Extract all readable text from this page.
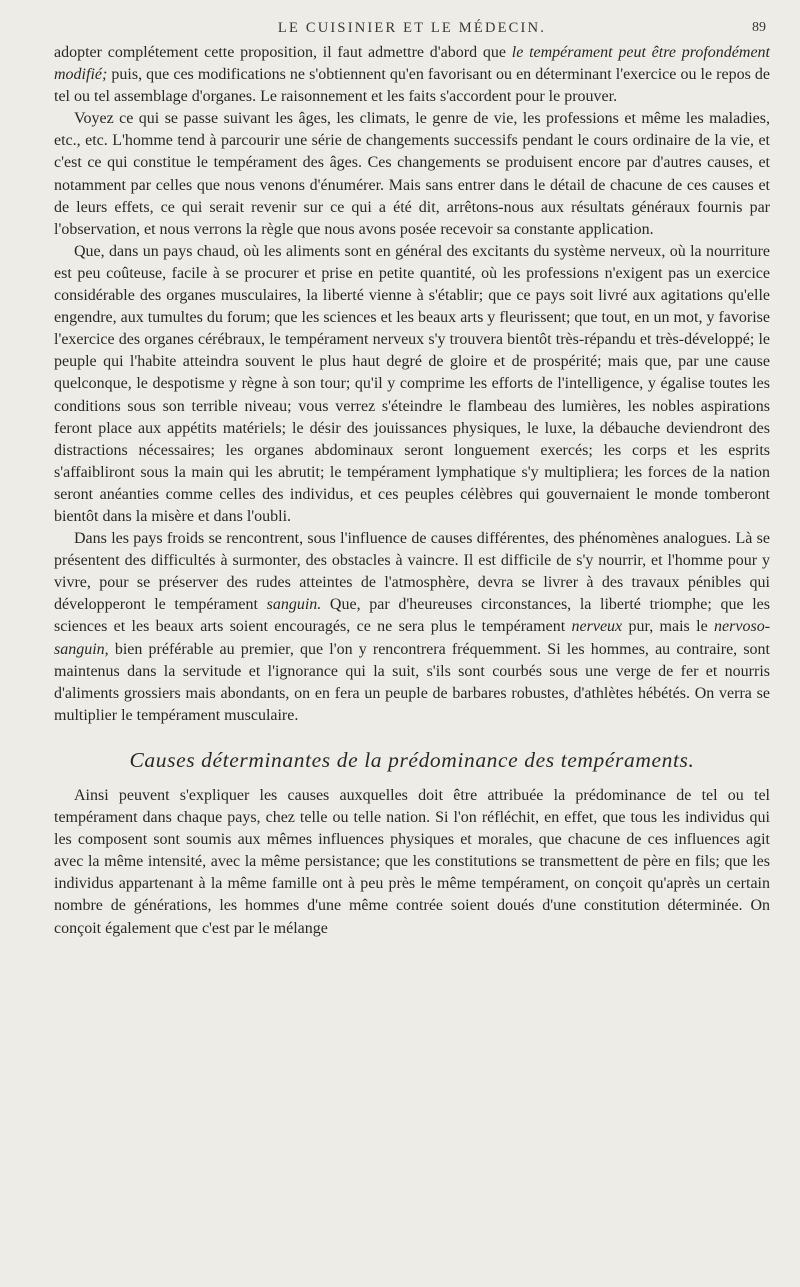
LE CUISINIER ET LE MÉDECIN.	89

adopter complétement cette proposition, il faut admettre d'abord que le tempérament peut être profondément modifié; puis, que ces modifications ne s'obtiennent qu'en favorisant ou en déterminant l'exercice ou le repos de tel ou tel assemblage d'organes. Le raisonnement et les faits s'accordent pour le prouver.

Voyez ce qui se passe suivant les âges, les climats, le genre de vie, les professions et même les maladies, etc., etc. L'homme tend à parcourir une série de changements successifs pendant le cours ordinaire de la vie, et c'est ce qui constitue le tempérament des âges. Ces changements se produisent encore par d'autres causes, et notamment par celles que nous venons d'énumérer. Mais sans entrer dans le détail de chacune de ces causes et de leurs effets, ce qui serait revenir sur ce qui a été dit, arrêtons-nous aux résultats généraux fournis par l'observation, et nous verrons la règle que nous avons posée recevoir sa constante application.

Que, dans un pays chaud, où les aliments sont en général des excitants du système nerveux, où la nourriture est peu coûteuse, facile à se procurer et prise en petite quantité, où les professions n'exigent pas un exercice considérable des organes musculaires, la liberté vienne à s'établir; que ce pays soit livré aux agitations qu'elle engendre, aux tumultes du forum; que les sciences et les beaux arts y fleurissent; que tout, en un mot, y favorise l'exercice des organes cérébraux, le tempérament nerveux s'y trouvera bientôt très-répandu et très-développé; le peuple qui l'habite atteindra souvent le plus haut degré de gloire et de prospérité; mais que, par une cause quelconque, le despotisme y règne à son tour; qu'il y comprime les efforts de l'intelligence, y égalise toutes les conditions sous son terrible niveau; vous verrez s'éteindre le flambeau des lumières, les nobles aspirations feront place aux appétits matériels; le désir des jouissances physiques, le luxe, la débauche deviendront des distractions nécessaires; les organes abdominaux seront longuement exercés; les corps et les esprits s'affaibliront sous la main qui les abrutit; le tempérament lymphatique s'y multipliera; les forces de la nation seront anéanties comme celles des individus, et ces peuples célèbres qui gouvernaient le monde tomberont bientôt dans la misère et dans l'oubli.

Dans les pays froids se rencontrent, sous l'influence de causes différentes, des phénomènes analogues. Là se présentent des difficultés à surmonter, des obstacles à vaincre. Il est difficile de s'y nourrir, et l'homme pour y vivre, pour se préserver des rudes atteintes de l'atmosphère, devra se livrer à des travaux pénibles qui développeront le tempérament sanguin. Que, par d'heureuses circonstances, la liberté triomphe; que les sciences et les beaux arts soient encouragés, ce ne sera plus le tempérament nerveux pur, mais le nervoso-sanguin, bien préférable au premier, que l'on y rencontrera fréquemment. Si les hommes, au contraire, sont maintenus dans la servitude et l'ignorance qui la suit, s'ils sont courbés sous une verge de fer et nourris d'aliments grossiers mais abondants, on en fera un peuple de barbares robustes, d'athlètes hébétés. On verra se multiplier le tempérament musculaire.

Causes déterminantes de la prédominance des tempéraments.

Ainsi peuvent s'expliquer les causes auxquelles doit être attribuée la prédominance de tel ou tel tempérament dans chaque pays, chez telle ou telle nation. Si l'on réfléchit, en effet, que tous les individus qui les composent sont soumis aux mêmes influences physiques et morales, que chacune de ces influences agit avec la même intensité, avec la même persistance; que les constitutions se transmettent de père en fils; que les individus appartenant à la même famille ont à peu près le même tempérament, on conçoit qu'après un certain nombre de générations, les hommes d'une même contrée soient doués d'une constitution déterminée. On conçoit également que c'est par le mélange
